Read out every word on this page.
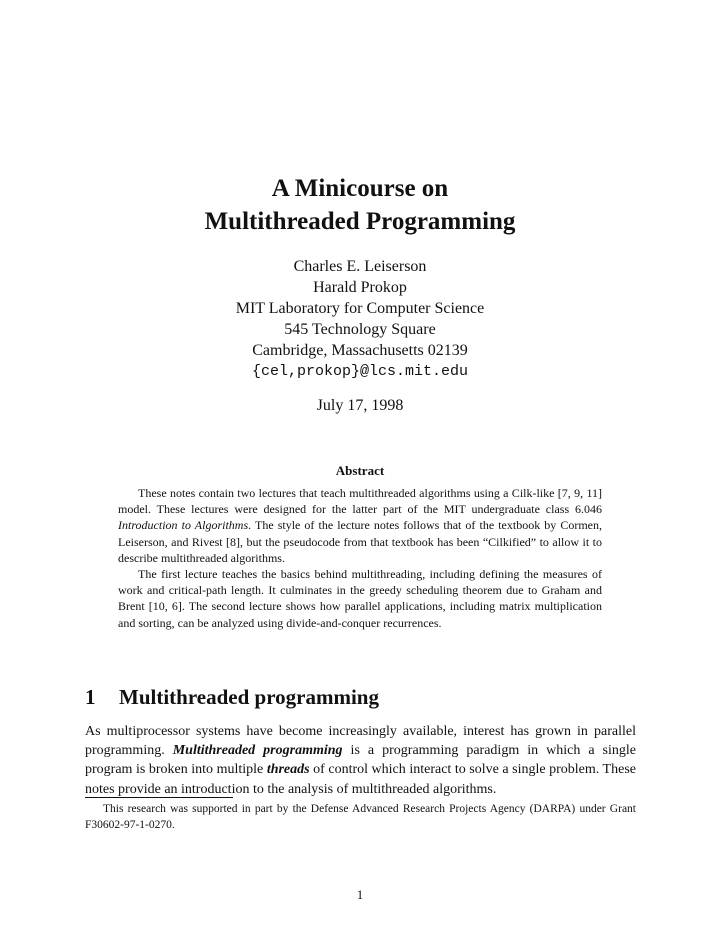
A Minicourse on
Multithreaded Programming
Charles E. Leiserson
Harald Prokop
MIT Laboratory for Computer Science
545 Technology Square
Cambridge, Massachusetts 02139
{cel,prokop}@lcs.mit.edu
July 17, 1998
Abstract

These notes contain two lectures that teach multithreaded algorithms using a Cilk-like [7, 9, 11] model. These lectures were designed for the latter part of the MIT undergraduate class 6.046 Introduction to Algorithms. The style of the lecture notes follows that of the textbook by Cormen, Leiserson, and Rivest [8], but the pseudocode from that textbook has been “Cilkified” to allow it to describe multithreaded algorithms.

The first lecture teaches the basics behind multithreading, including defining the measures of work and critical-path length. It culminates in the greedy scheduling theorem due to Graham and Brent [10, 6]. The second lecture shows how parallel applications, including matrix multiplication and sorting, can be analyzed using divide-and-conquer recurrences.

1 Multithreaded programming

As multiprocessor systems have become increasingly available, interest has grown in parallel programming. Multithreaded programming is a programming paradigm in which a single program is broken into multiple threads of control which interact to solve a single problem. These notes provide an introduction to the analysis of multithreaded algorithms.

This research was supported in part by the Defense Advanced Research Projects Agency (DARPA) under Grant F30602-97-1-0270.

1
